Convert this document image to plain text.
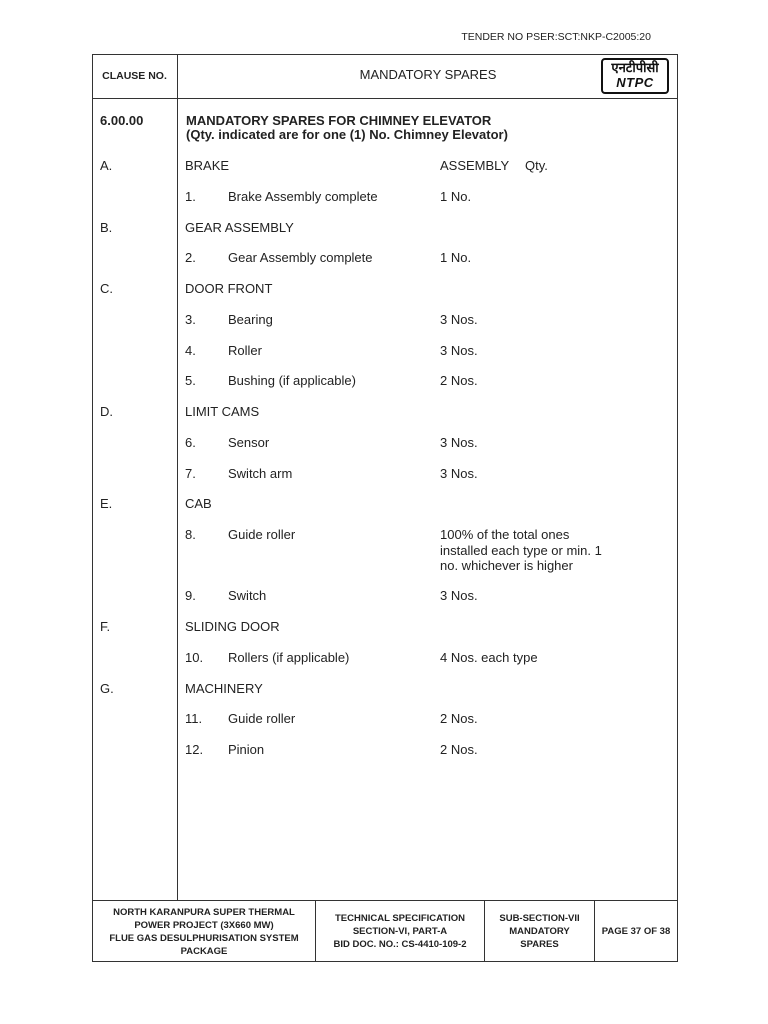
TENDER NO PSER:SCT:NKP-C2005:20
CLAUSE NO.	MANDATORY SPARES	एनटीपीसी
NTPC
6.00.00	MANDATORY SPARES FOR CHIMNEY ELEVATOR
(Qty. indicated are for one (1) No. Chimney Elevator)
A.	BRAKE	ASSEMBLY Qty.
1. Brake Assembly complete	1 No.
B.	GEAR ASSEMBLY
2. Gear Assembly complete	1 No.
C.	DOOR FRONT
3. Bearing	3 Nos.
4. Roller	3 Nos.
5. Bushing (if applicable)	2 Nos.
D.	LIMIT CAMS
6. Sensor	3 Nos.
7. Switch arm	3 Nos.
E.	CAB
8. Guide roller	100% of the total ones
installed each type or min. 1
no. whichever is higher
9. Switch	3 Nos.
F.	SLIDING DOOR
10. Rollers (if applicable)	4 Nos. each type
G.	MACHINERY
11. Guide roller	2 Nos.
12. Pinion	2 Nos.
NORTH KARANPURA SUPER THERMAL
POWER PROJECT (3X660 MW)
FLUE GAS DESULPHURISATION SYSTEM
PACKAGE
TECHNICAL SPECIFICATION
SECTION-VI, PART-A
BID DOC. NO.: CS-4410-109-2
SUB-SECTION-VII
MANDATORY
SPARES
PAGE 37 OF 38
